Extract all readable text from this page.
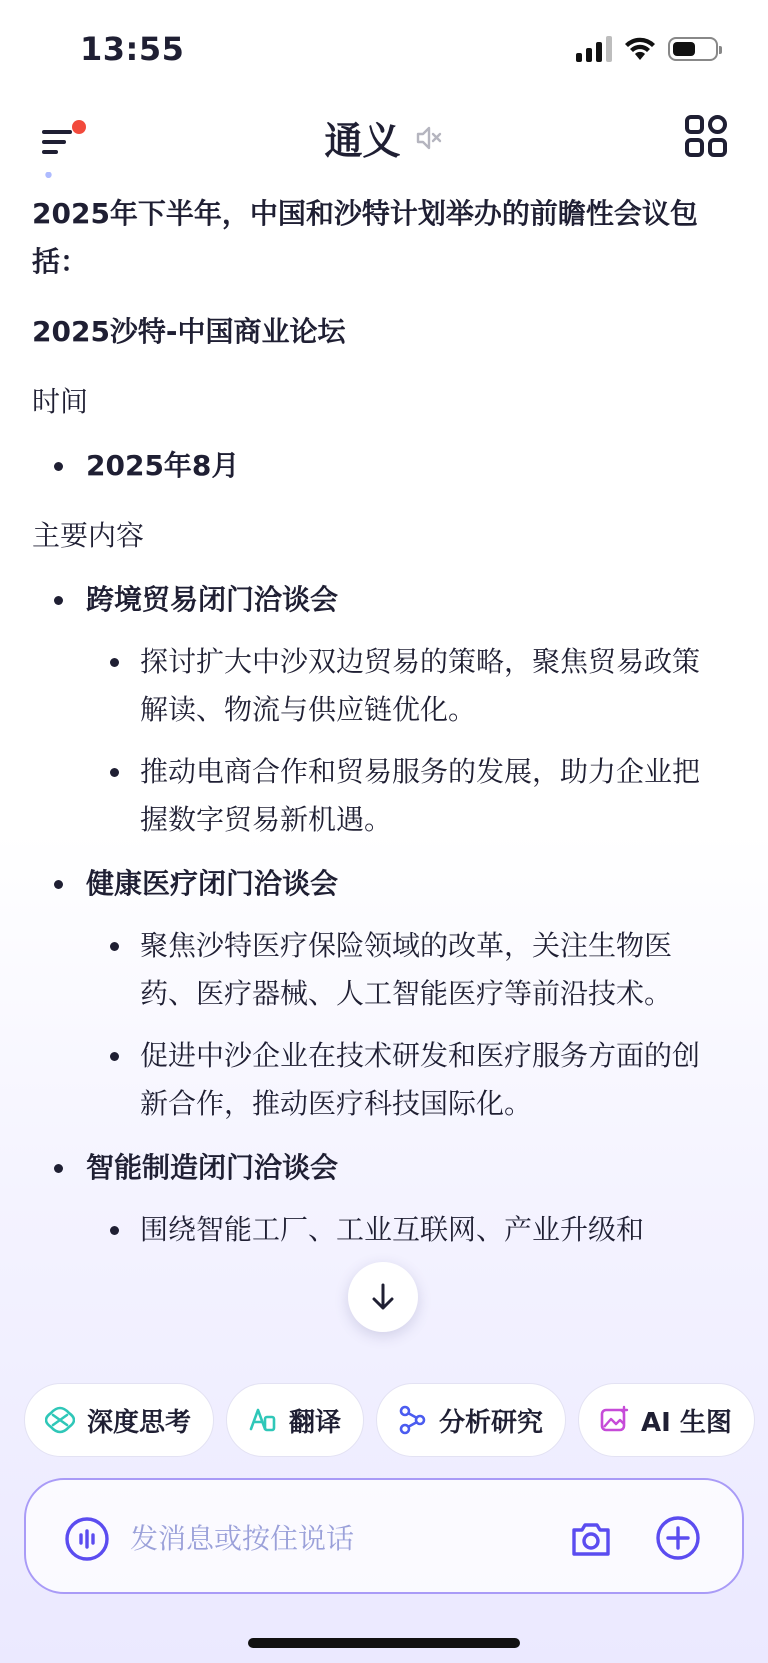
13:55
通义
•
2025年下半年，中国和沙特计划举办的前瞻性会议包括：
2025沙特-中国商业论坛
时间
2025年8月
主要内容
跨境贸易闭门洽谈会
探讨扩大中沙双边贸易的策略，聚焦贸易政策解读、物流与供应链优化。
推动电商合作和贸易服务的发展，助力企业把握数字贸易新机遇。
健康医疗闭门洽谈会
聚焦沙特医疗保险领域的改革，关注生物医药、医疗器械、人工智能医疗等前沿技术。
促进中沙企业在技术研发和医疗服务方面的创新合作，推动医疗科技国际化。
智能制造闭门洽谈会
围绕智能工厂、工业互联网、产业升级和
深度思考	翻译	分析研究	AI 生图
发消息或按住说话
